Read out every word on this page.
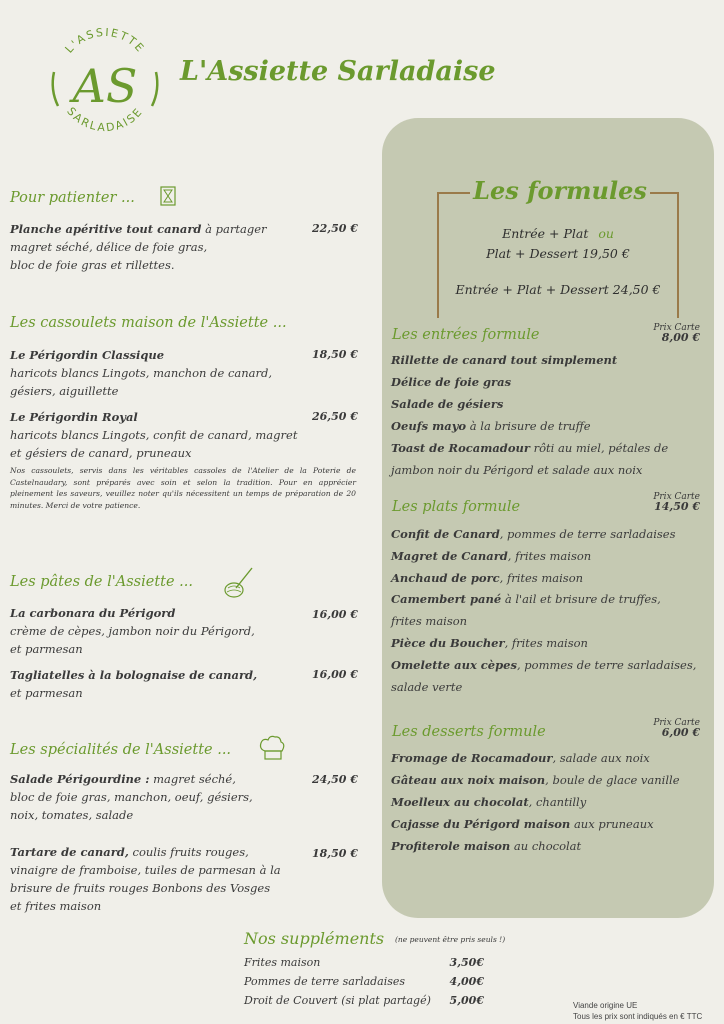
L'ASSIETTE
SARLADAISE
AS L'Assiette Sarladaise
Pour patienter ...
Planche apéritive tout canard à partager
magret séché, délice de foie gras,
bloc de foie gras et rillettes.
22,50 €
Les cassoulets maison de l'Assiette ...
Le Périgordin Classique
haricots blancs Lingots, manchon de canard,
gésiers, aiguillette
18,50 €
Le Périgordin Royal
haricots blancs Lingots, confit de canard, magret
et gésiers de canard, pruneaux
26,50 €
Nos cassoulets, servis dans les véritables cassoles de l'Atelier de la Poterie de Castelnaudary, sont préparés avec soin et selon la tradition. Pour en apprécier pleinement les saveurs, veuillez noter qu'ils nécessitent un temps de préparation de 20 minutes. Merci de votre patience.
Les pâtes de l'Assiette ...
La carbonara du Périgord
crème de cèpes, jambon noir du Périgord,
et parmesan
16,00 €
Tagliatelles à la bolognaise de canard,
et parmesan
16,00 €
Les spécialités de l'Assiette ...
Salade Périgourdine : magret séché,
bloc de foie gras, manchon, oeuf, gésiers,
noix, tomates, salade
24,50 €
Tartare de canard, coulis fruits rouges,
vinaigre de framboise, tuiles de parmesan à la
brisure de fruits rouges Bonbons des Vosges
et frites maison
18,50 €
Les formules
Entrée + Plat ou
Plat + Dessert 19,50 €
Entrée + Plat + Dessert 24,50 €
Les entrées formule	Prix Carte
8,00 €
Rillette de canard tout simplement
Délice de foie gras
Salade de gésiers
Oeufs mayo à la brisure de truffe
Toast de Rocamadour rôti au miel, pétales de
jambon noir du Périgord et salade aux noix
Les plats formule
Prix Carte
14,50 €
Confit de Canard, pommes de terre sarladaises
Magret de Canard, frites maison
Anchaud de porc, frites maison
Camembert pané à l'ail et brisure de truffes,
frites maison
Pièce du Boucher, frites maison
Omelette aux cèpes, pommes de terre sarladaises,
salade verte
Les desserts formule
Prix Carte
6,00 €
Fromage de Rocamadour, salade aux noix
Gâteau aux noix maison, boule de glace vanille
Moelleux au chocolat, chantilly
Cajasse du Périgord maison aux pruneaux
Profiterole maison au chocolat
Nos suppléments (ne peuvent être pris seuls !)
Frites maison	3,50€
Pommes de terre sarladaises	4,00€
Droit de Couvert (si plat partagé) 5,00€	Viande origine UE
Tous les prix sont indiqués en € TTC
